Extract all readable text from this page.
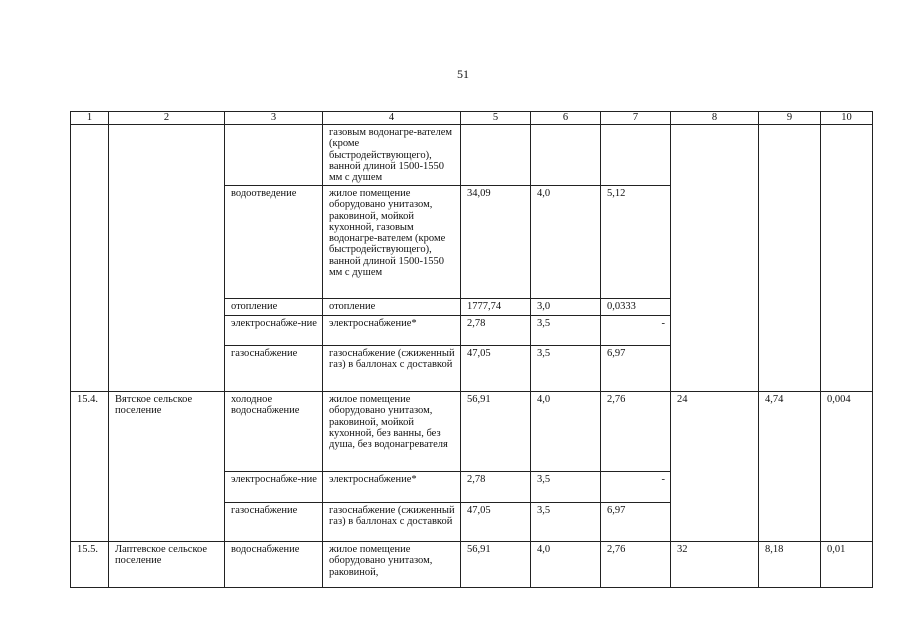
51
1	2	3	4	5	6	7	8	9	10
			газовым водонагре-вателем (кроме быстродействующего), ванной длиной 1500-1550 мм с душем						
		водоотведение	жилое помещение оборудовано унитазом, раковиной, мойкой кухонной, газовым водонагре-вателем (кроме быстродействующего), ванной длиной 1500-1550 мм с душем	34,09	4,0	5,12			
		отопление	отопление	1777,74	3,0	0,0333			
		электроснабже-ние	электроснабжение*	2,78	3,5	-			
		газоснабжение	газоснабжение (сжиженный газ) в баллонах с доставкой	47,05	3,5	6,97			
15.4.	Вятское сельское поселение	холодное водоснабжение	жилое помещение оборудовано унитазом, раковиной, мойкой кухонной, без ванны, без душа, без водонагревателя	56,91	4,0	2,76	24	4,74	0,004
		электроснабже-ние	электроснабжение*	2,78	3,5	-			
		газоснабжение	газоснабжение (сжиженный газ) в баллонах с доставкой	47,05	3,5	6,97			
15.5.	Лаптевское сельское поселение	водоснабжение	жилое помещение оборудовано унитазом, раковиной,	56,91	4,0	2,76	32	8,18	0,01
